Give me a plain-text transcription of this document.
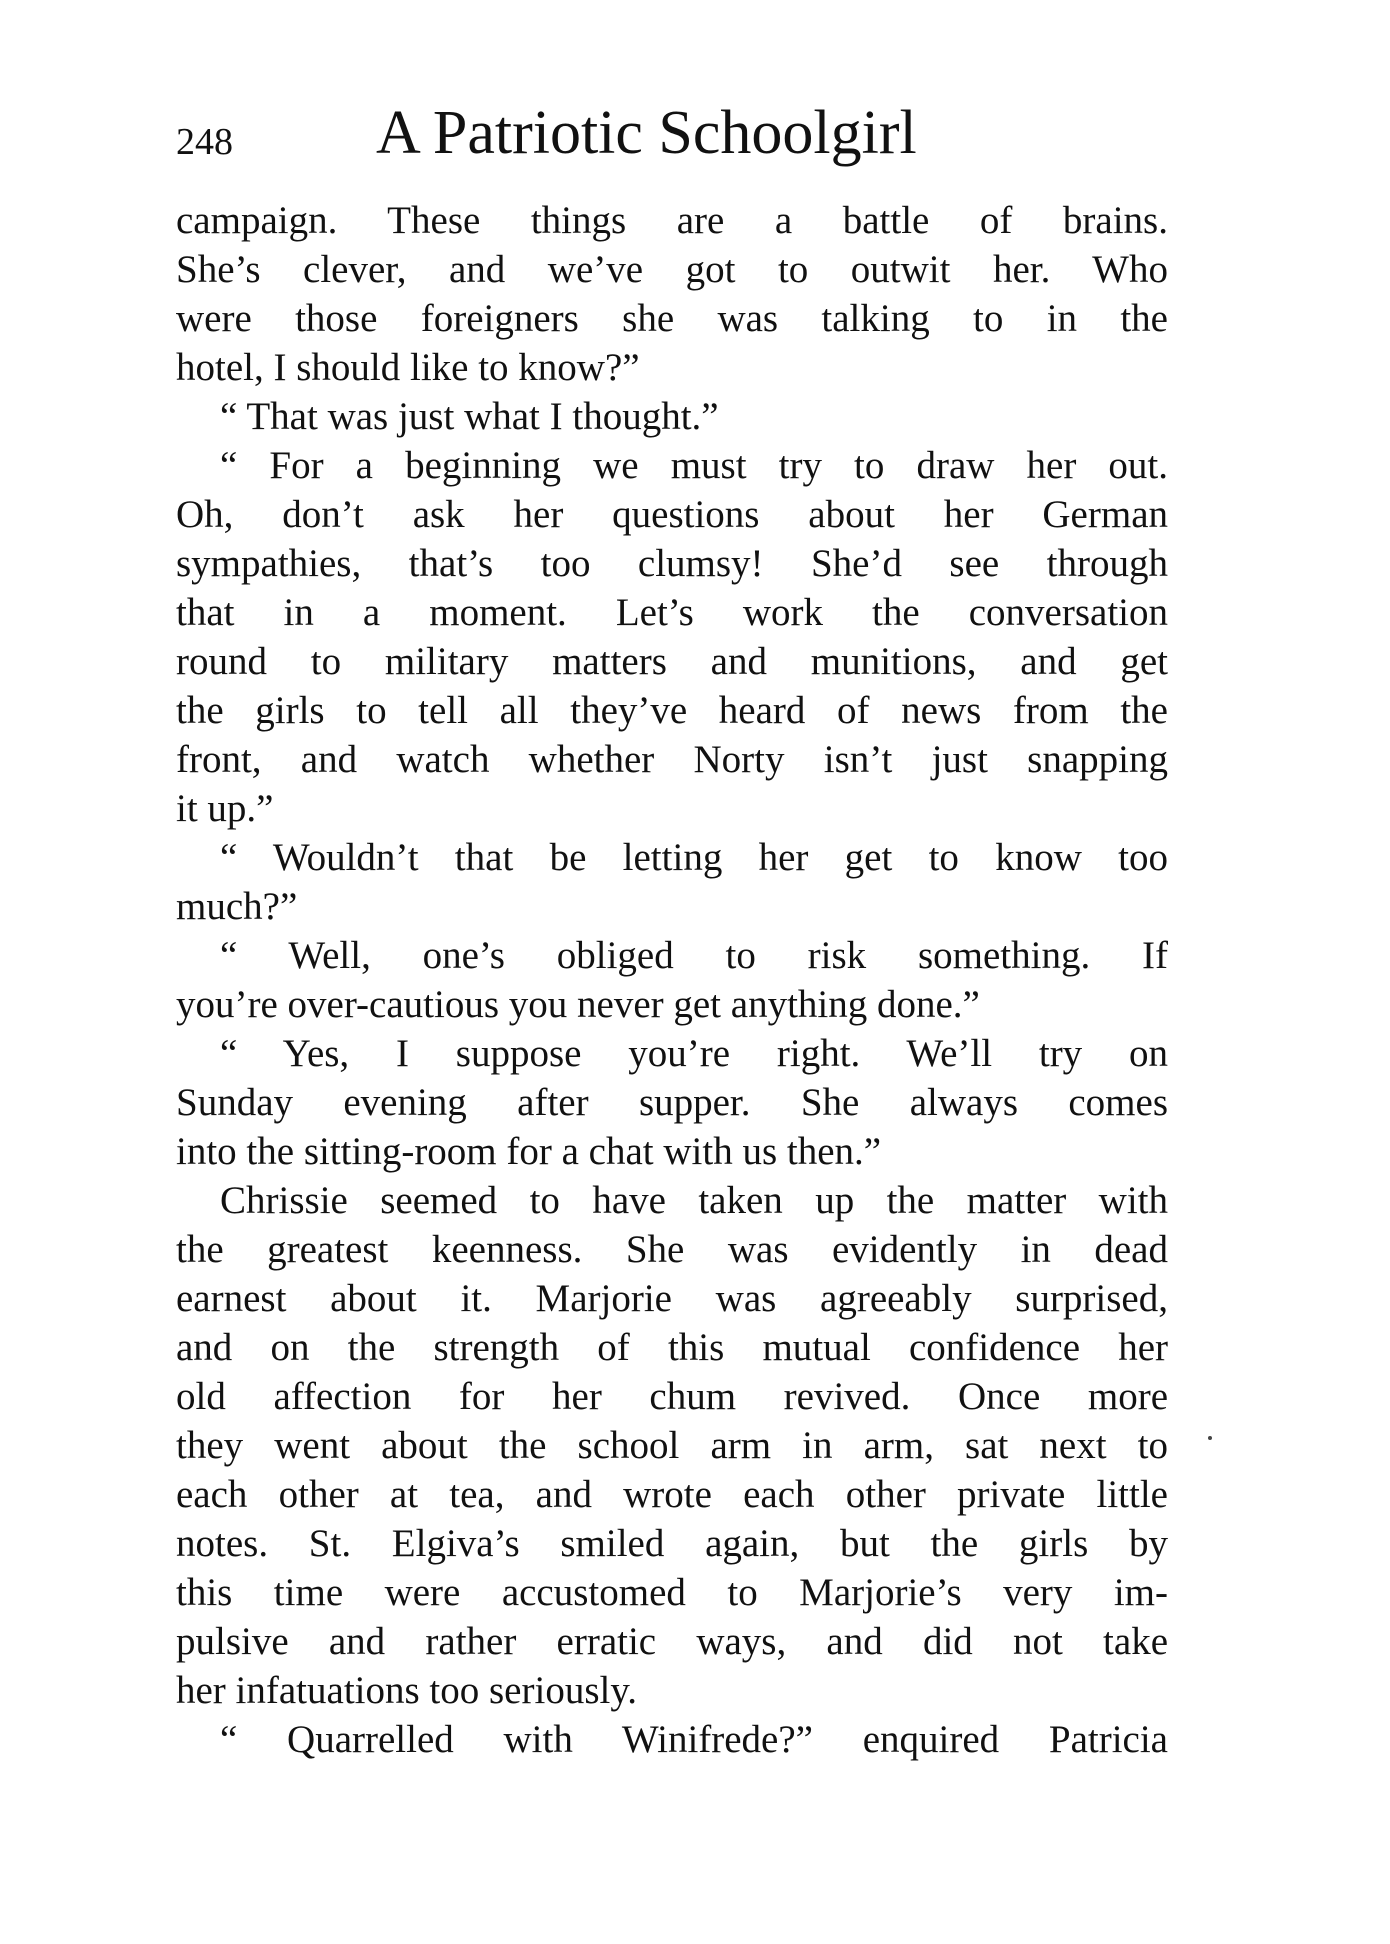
248 A Patriotic Schoolgirl
campaign. These things are a battle of brains.
She’s clever, and we’ve got to outwit her. Who
were those foreigners she was talking to in the
hotel, I should like to know?”
“ That was just what I thought.”
“ For a beginning we must try to draw her out.
Oh, don’t ask her questions about her German
sympathies, that’s too clumsy! She’d see through
that in a moment. Let’s work the conversation
round to military matters and munitions, and get
the girls to tell all they’ve heard of news from the
front, and watch whether Norty isn’t just snapping
it up.”
“ Wouldn’t that be letting her get to know too
much?”
“ Well, one’s obliged to risk something. If
you’re over-cautious you never get anything done.”
“ Yes, I suppose you’re right. We’ll try on
Sunday evening after supper. She always comes
into the sitting-room for a chat with us then.”
Chrissie seemed to have taken up the matter with
the greatest keenness. She was evidently in dead
earnest about it. Marjorie was agreeably surprised,
and on the strength of this mutual confidence her
old affection for her chum revived. Once more
they went about the school arm in arm, sat next to
each other at tea, and wrote each other private little
notes. St. Elgiva’s smiled again, but the girls by
this time were accustomed to Marjorie’s very im-
pulsive and rather erratic ways, and did not take
her infatuations too seriously.
“ Quarrelled with Winifrede?” enquired Patricia
